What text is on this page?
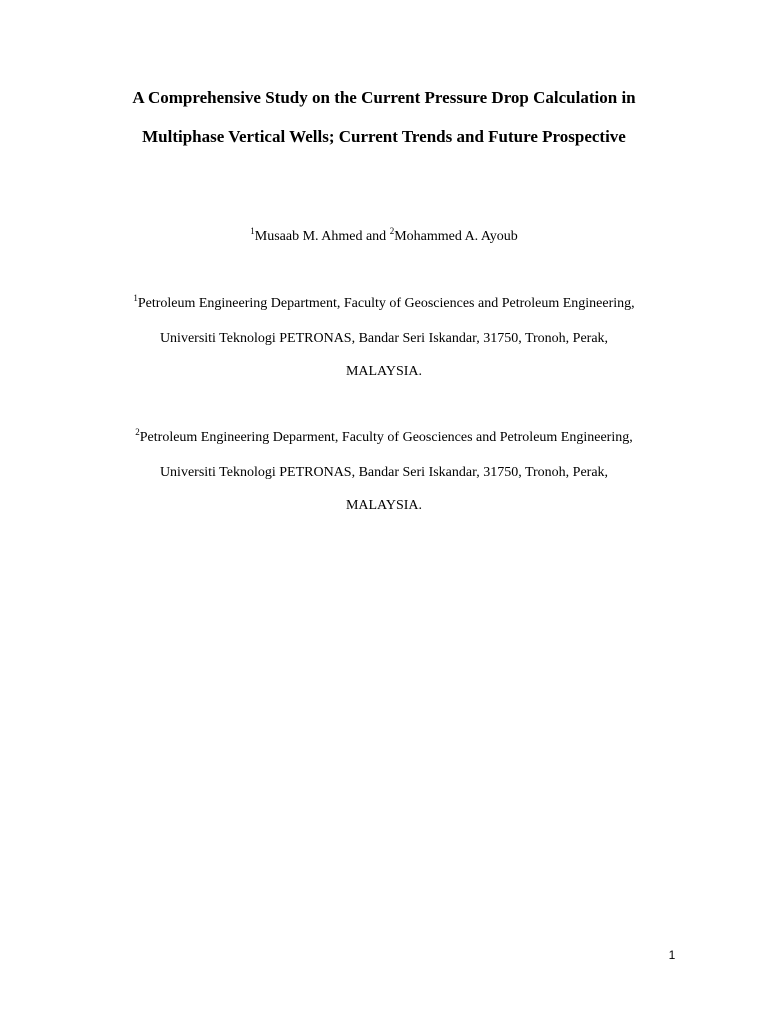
A Comprehensive Study on the Current Pressure Drop Calculation in
Multiphase Vertical Wells; Current Trends and Future Prospective
$^1$Musaab M. Ahmed and $^2$Mohammed A. Ayoub
$^1$Petroleum Engineering Department, Faculty of Geosciences and Petroleum Engineering,
Universiti Teknologi PETRONAS, Bandar Seri Iskandar, 31750, Tronoh, Perak,
MALAYSIA.
$^2$Petroleum Engineering Deparment, Faculty of Geosciences and Petroleum Engineering,
Universiti Teknologi PETRONAS, Bandar Seri Iskandar, 31750, Tronoh, Perak,
MALAYSIA.
1
